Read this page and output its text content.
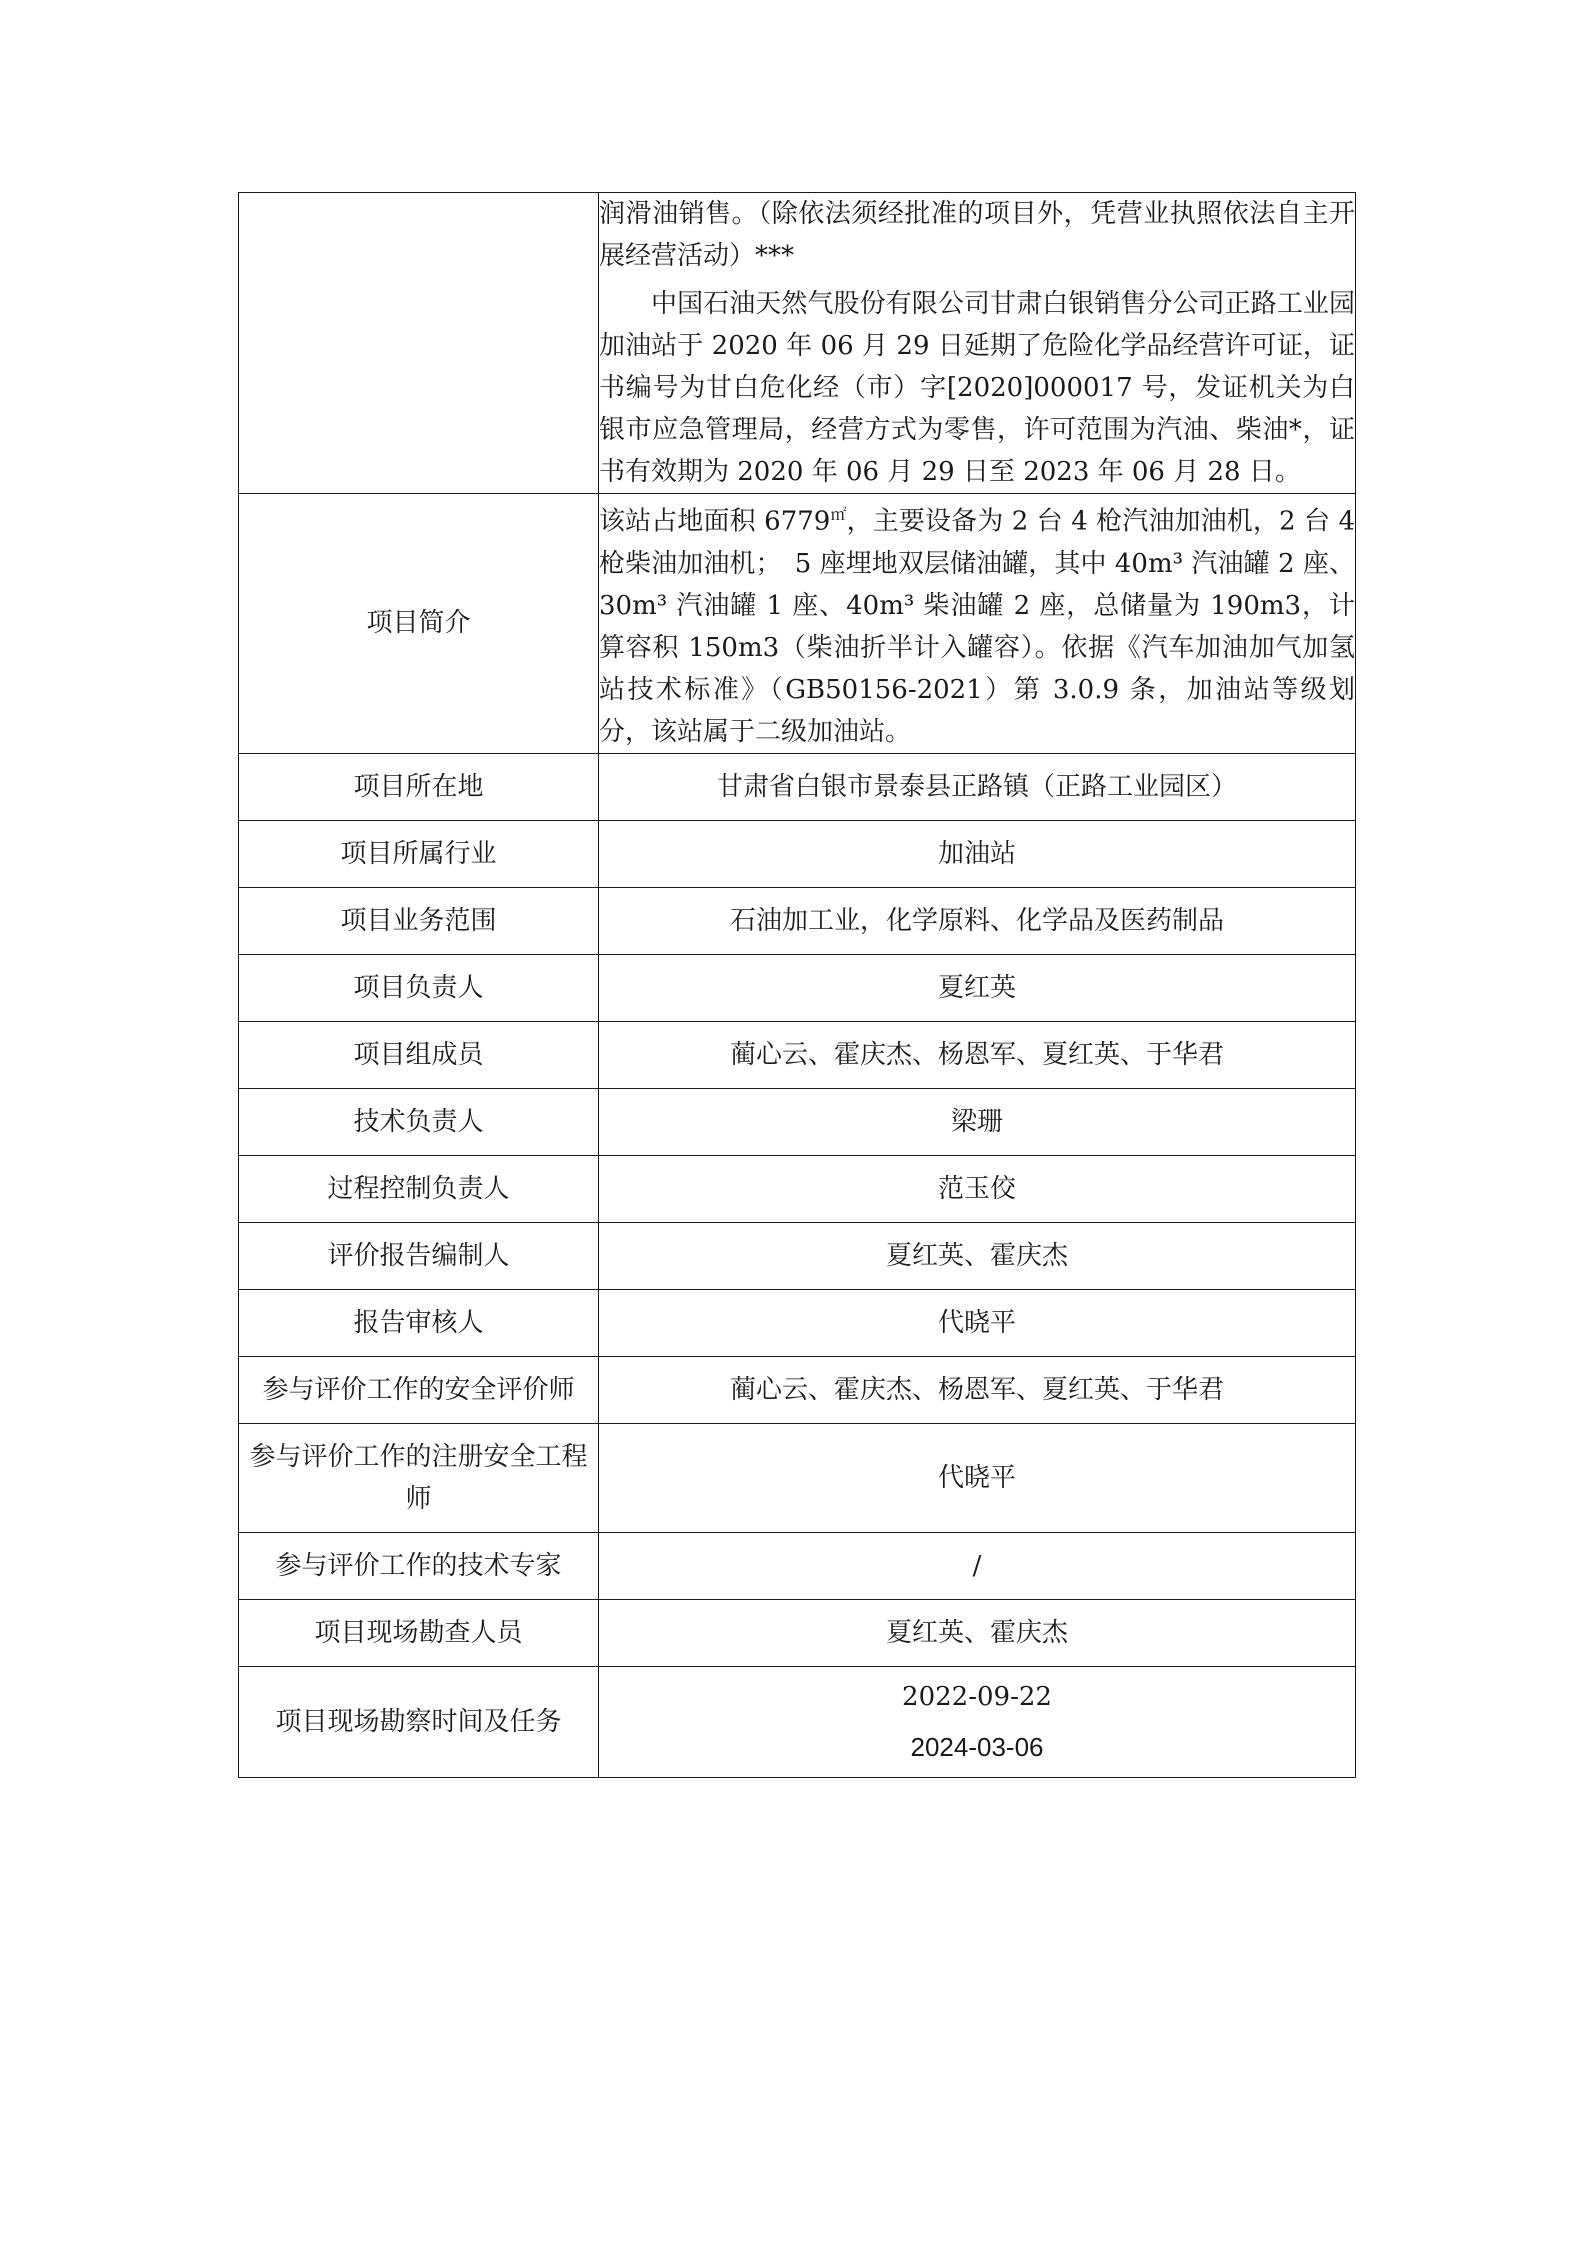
	润滑油销售。（除依法须经批准的项目外，凭营业执照依法自主开展经营活动）***

中国石油天然气股份有限公司甘肃白银销售分公司正路工业园加油站于 2020 年 06 月 29 日延期了危险化学品经营许可证，证书编号为甘白危化经（市）字[2020]000017 号，发证机关为白银市应急管理局，经营方式为零售，许可范围为汽油、柴油*，证书有效期为 2020 年 06 月 29 日至 2023 年 06 月 28 日。

项目简介	该站占地面积 6779㎡，主要设备为 2 台 4 枪汽油加油机，2 台 4 枪柴油加油机；　5 座埋地双层储油罐，其中 40m³ 汽油罐 2 座、30m³ 汽油罐 1 座、40m³ 柴油罐 2 座，总储量为 190m3，计算容积 150m3（柴油折半计入罐容）。依据《汽车加油加气加氢站技术标准》（GB50156-2021）第 3.0.9 条，加油站等级划分，该站属于二级加油站。

项目所在地	甘肃省白银市景泰县正路镇（正路工业园区）
项目所属行业	加油站
项目业务范围	石油加工业，化学原料、化学品及医药制品
项目负责人	夏红英
项目组成员	蔺心云、霍庆杰、杨恩军、夏红英、于华君
技术负责人	梁珊
过程控制负责人	范玉佼
评价报告编制人	夏红英、霍庆杰
报告审核人	代晓平
参与评价工作的安全评价师	蔺心云、霍庆杰、杨恩军、夏红英、于华君
参与评价工作的注册安全工程师	代晓平
参与评价工作的技术专家	/
项目现场勘查人员	夏红英、霍庆杰
项目现场勘察时间及任务	2022-09-22
2024-03-06
